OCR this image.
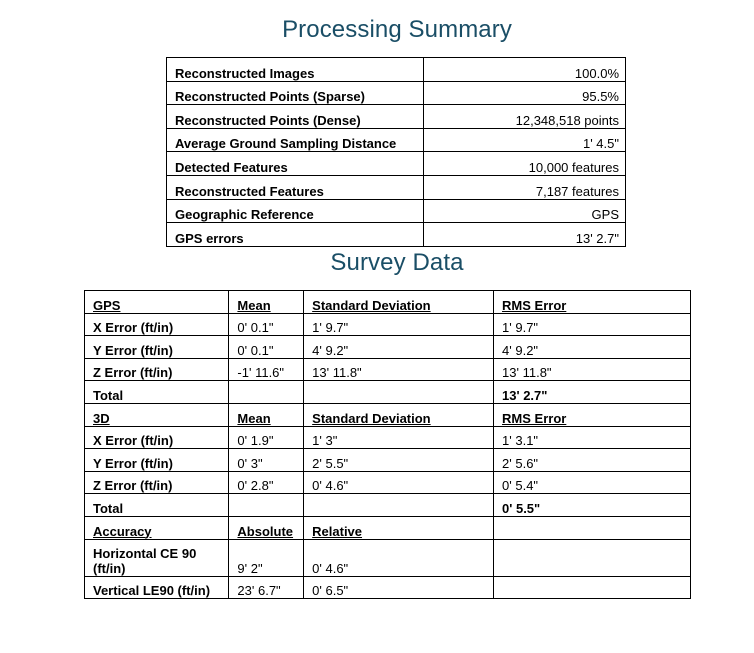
Processing Summary
Reconstructed Images	100.0%
Reconstructed Points (Sparse)	95.5%
Reconstructed Points (Dense)	12,348,518 points
Average Ground Sampling Distance	1' 4.5"
Detected Features	10,000 features
Reconstructed Features	7,187 features
Geographic Reference	GPS
GPS errors	13' 2.7"
Survey Data
GPS	Mean	Standard Deviation	RMS Error
X Error (ft/in)	0' 0.1"	1' 9.7"	1' 9.7"
Y Error (ft/in)	0' 0.1"	4' 9.2"	4' 9.2"
Z Error (ft/in)	-1' 11.6"	13' 11.8"	13' 11.8"
Total			13' 2.7"
3D	Mean	Standard Deviation	RMS Error
X Error (ft/in)	0' 1.9"	1' 3"	1' 3.1"
Y Error (ft/in)	0' 3"	2' 5.5"	2' 5.6"
Z Error (ft/in)	0' 2.8"	0' 4.6"	0' 5.4"
Total			0' 5.5"
Accuracy	Absolute	Relative	
Horizontal CE 90 (ft/in)	9' 2"	0' 4.6"	
Vertical LE90 (ft/in)	23' 6.7"	0' 6.5"	
